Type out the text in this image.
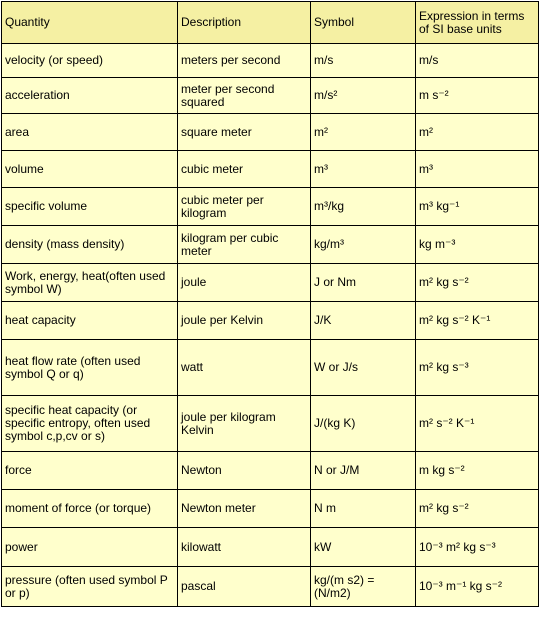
Quantity	Description	Symbol	Expression in terms of SI base units
velocity (or speed)	meters per second	m/s	m/s
acceleration	meter per second squared	m/s²	m s⁻²
area	square meter	m²	m²
volume	cubic meter	m³	m³
specific volume	cubic meter per kilogram	m³/kg	m³ kg⁻¹
density (mass density)	kilogram per cubic meter	kg/m³	kg m⁻³
Work, energy, heat(often used symbol W)	joule	J or Nm	m² kg s⁻²
heat capacity	joule per Kelvin	J/K	m² kg s⁻² K⁻¹
heat flow rate (often used symbol Q or q)	watt	W or J/s	m² kg s⁻³
specific heat capacity (or specific entropy, often used symbol c,p,cv or s)	joule per kilogram Kelvin	J/(kg K)	m² s⁻² K⁻¹
force	Newton	N or J/M	m kg s⁻²
moment of force (or torque)	Newton meter	N m	m² kg s⁻²
power	kilowatt	kW	10⁻³ m² kg s⁻³
pressure (often used symbol P or p)	pascal	kg/(m s2) = (N/m2)	10⁻³ m⁻¹ kg s⁻²
